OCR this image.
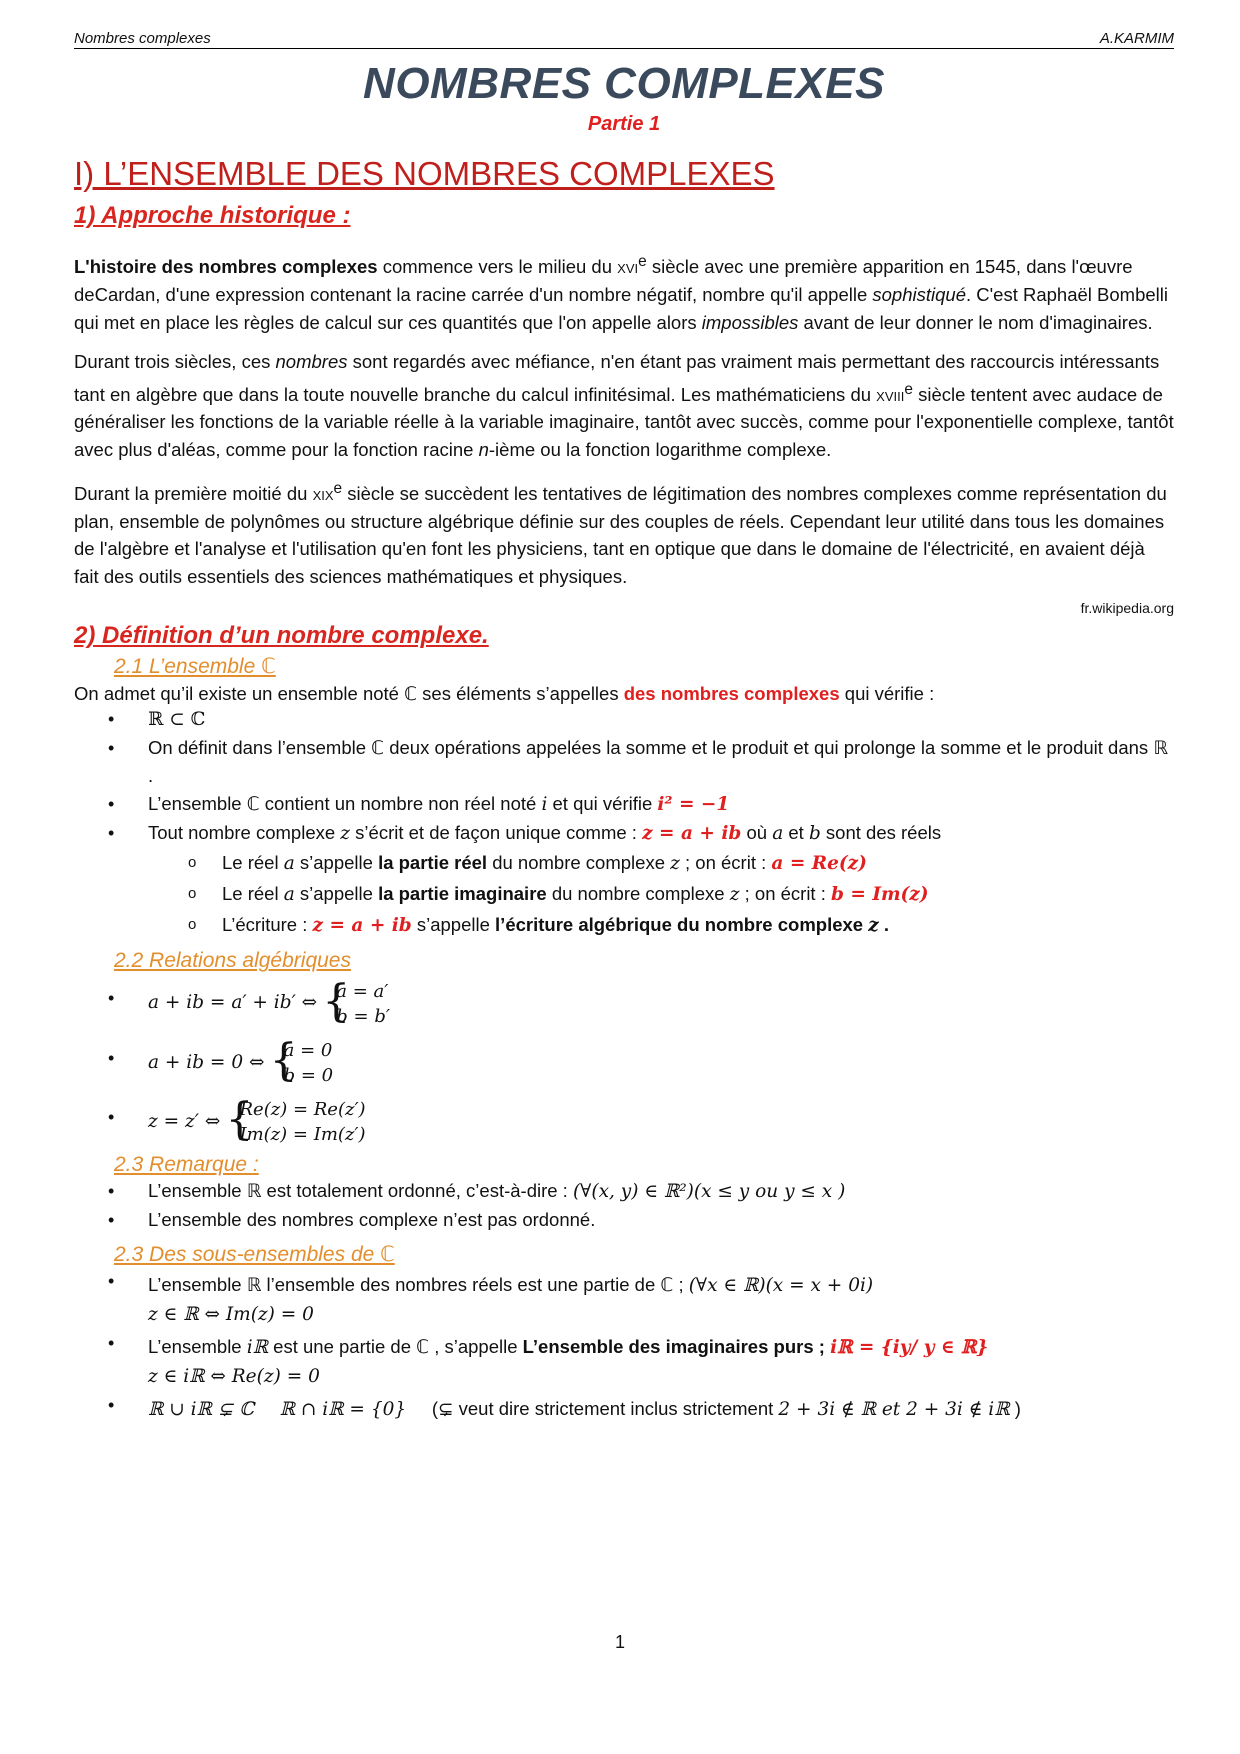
Nombres complexes	A.KARMIM
NOMBRES COMPLEXES
Partie 1
I) L’ENSEMBLE DES NOMBRES COMPLEXES
1) Approche historique :

L'histoire des nombres complexes commence vers le milieu du xvi$^e$ siècle avec une première apparition en 1545, dans l'œuvre deCardan, d'une expression contenant la racine carrée d'un nombre négatif, nombre qu'il appelle sophistiqué. C'est Raphaël Bombelli qui met en place les règles de calcul sur ces quantités que l'on appelle alors impossibles avant de leur donner le nom d'imaginaires.

Durant trois siècles, ces nombres sont regardés avec méfiance, n'en étant pas vraiment mais permettant des raccourcis intéressants tant en algèbre que dans la toute nouvelle branche du calcul infinitésimal. Les mathématiciens du xviii$^e$ siècle tentent avec audace de généraliser les fonctions de la variable réelle à la variable imaginaire, tantôt avec succès, comme pour l'exponentielle complexe, tantôt avec plus d'aléas, comme pour la fonction racine n-ième ou la fonction logarithme complexe.

Durant la première moitié du xix$^e$ siècle se succèdent les tentatives de légitimation des nombres complexes comme représentation du plan, ensemble de polynômes ou structure algébrique définie sur des couples de réels. Cependant leur utilité dans tous les domaines de l'algèbre et l'analyse et l'utilisation qu'en font les physiciens, tant en optique que dans le domaine de l'électricité, en avaient déjà fait des outils essentiels des sciences mathématiques et physiques.

fr.wikipedia.org
2) Définition d’un nombre complexe.
2.1 L’ensemble ℂ
On admet qu’il existe un ensemble noté ℂ ses éléments s’appelles des nombres complexes qui vérifie :
• ℝ ⊂ ℂ
• On définit dans l’ensemble ℂ deux opérations appelées la somme et le produit et qui prolonge la somme et le produit dans ℝ .
• L’ensemble ℂ contient un nombre non réel noté i et qui vérifie i² = −1
• Tout nombre complexe z s’écrit et de façon unique comme : z = a + ib où a et b sont des réels
o Le réel a s’appelle la partie réel du nombre complexe z ; on écrit : a = Re(z)
o Le réel a s’appelle la partie imaginaire du nombre complexe z ; on écrit : b = Im(z)
o L’écriture : z = a + ib s’appelle l’écriture algébrique du nombre complexe z .
2.2 Relations algébriques
• a + ib = a′ + ib′ ⇔ {
a = a′
b = b′
• a + ib = 0 ⇔ {
a = 0
b = 0
• z = z′ ⇔ {
Re(z) = Re(z′)
Im(z) = Im(z′)
2.3 Remarque :
• L’ensemble ℝ est totalement ordonné, c’est-à-dire : (∀(x, y) ∈ ℝ²)(x ≤ y ou y ≤ x )
• L’ensemble des nombres complexe n’est pas ordonné.
2.3 Des sous-ensembles de ℂ
• L’ensemble ℝ l’ensemble des nombres réels est une partie de ℂ ; (∀x ∈ ℝ)(x = x + 0i)
z ∈ ℝ ⇔ Im(z) = 0
• L’ensemble iℝ est une partie de ℂ , s’appelle L’ensemble des imaginaires purs ; iℝ = {iy/ y ∈ ℝ}
z ∈ iℝ ⇔ Re(z) = 0
• ℝ ∪ iℝ ⊊ ℂ ℝ ∩ iℝ = {0} (⊊ veut dire strictement inclus strictement 2 + 3i ∉ ℝ et 2 + 3i ∉ iℝ )
1
